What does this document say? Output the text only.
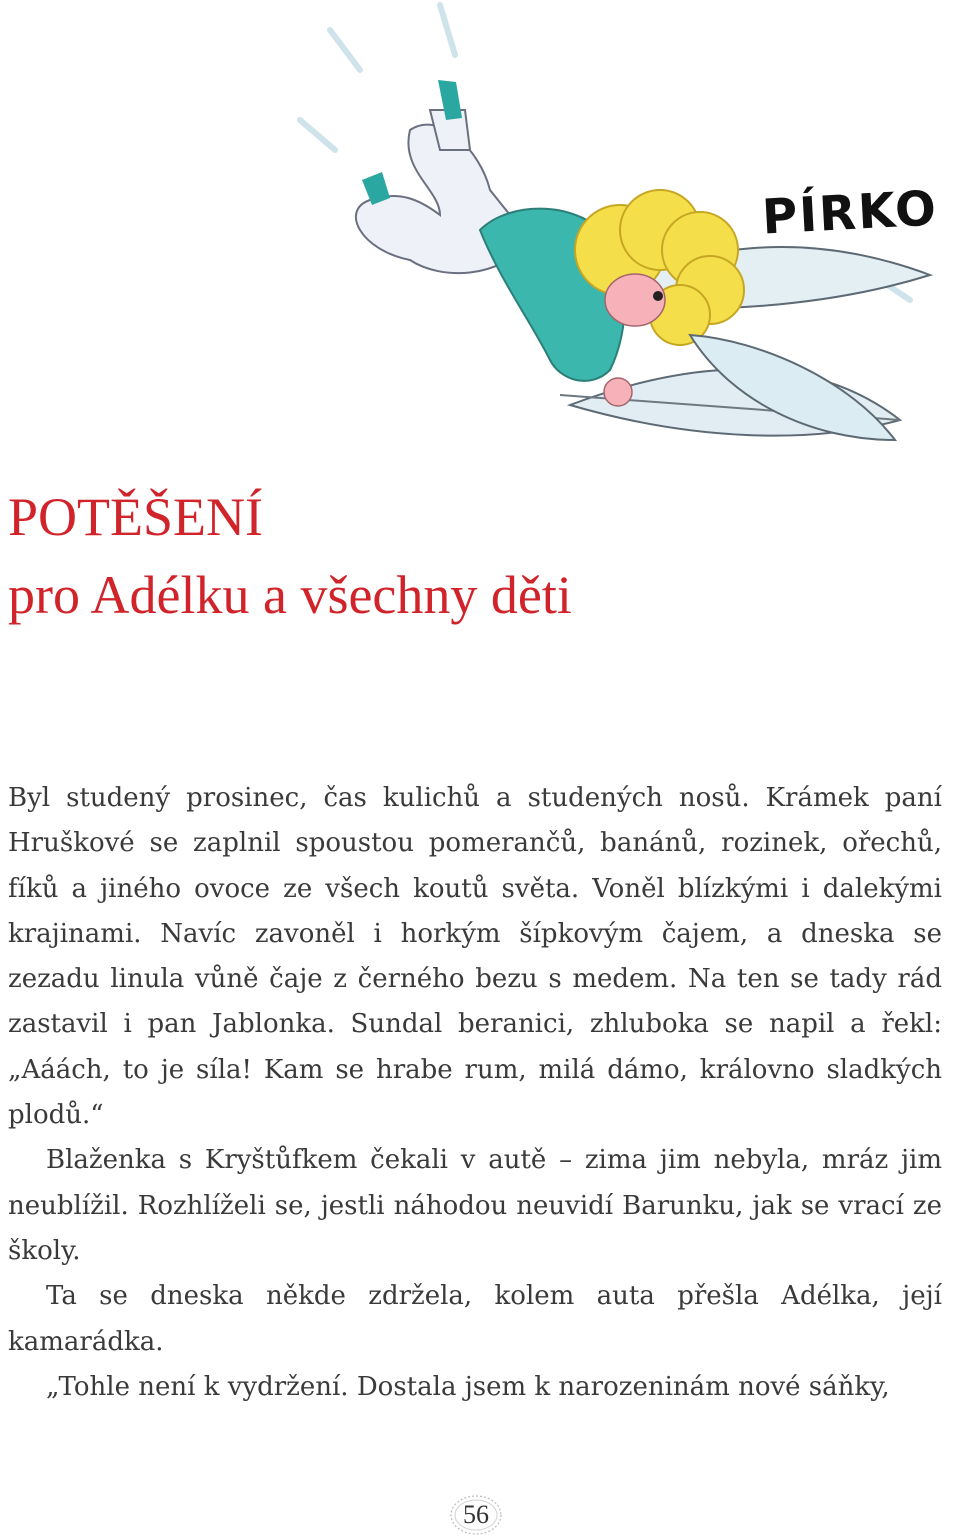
PÍRKO
POTĚŠENÍ
pro Adélku a všechny děti

Byl studený prosinec, čas kulichů a studených nosů. Krámek paní Hruškové se zaplnil spoustou pomerančů, banánů, rozinek, ořechů, fíků a jiného ovoce ze všech koutů světa. Voněl blízkými i dalekými krajinami. Navíc zavoněl i horkým šípkovým čajem, a dneska se zezadu linula vůně čaje z černého bezu s medem. Na ten se tady rád zastavil i pan Jablonka. Sundal beranici, zhluboka se napil a řekl: „Aáách, to je síla! Kam se hrabe rum, milá dámo, královno sladkých plodů.“

Blaženka s Kryštůfkem čekali v autě – zima jim nebyla, mráz jim neublížil. Rozhlíželi se, jestli náhodou neuvidí Barunku, jak se vrací ze školy.

Ta se dneska někde zdržela, kolem auta přešla Adélka, její kamarádka.

„Tohle není k vydržení. Dostala jsem k narozeninám nové sáňky,

56
